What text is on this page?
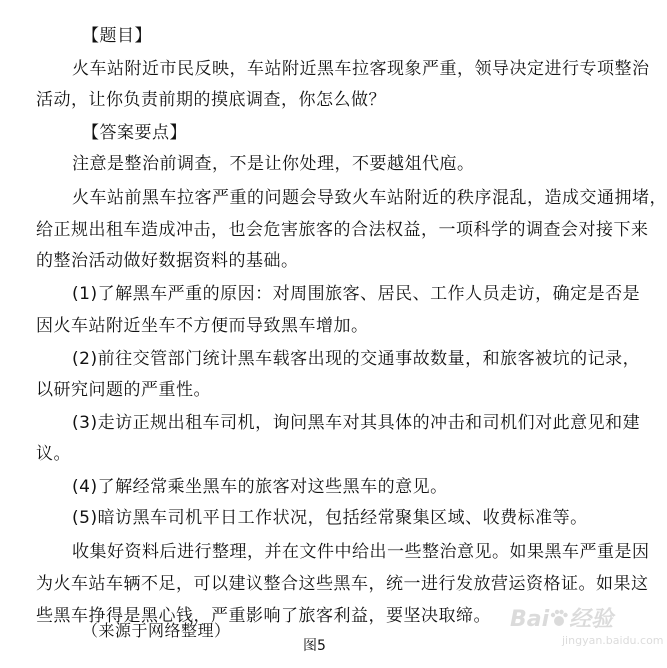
【题目】
火车站附近市民反映，车站附近黑车拉客现象严重，领导决定进行专项整治
活动，让你负责前期的摸底调查，你怎么做？
【答案要点】
注意是整治前调查，不是让你处理，不要越俎代庖。
火车站前黑车拉客严重的问题会导致火车站附近的秩序混乱，造成交通拥堵，
给正规出租车造成冲击，也会危害旅客的合法权益，一项科学的调查会对接下来
的整治活动做好数据资料的基础。
(1)了解黑车严重的原因：对周围旅客、居民、工作人员走访，确定是否是
因火车站附近坐车不方便而导致黑车增加。
(2)前往交管部门统计黑车载客出现的交通事故数量，和旅客被坑的记录，
以研究问题的严重性。
(3)走访正规出租车司机，询问黑车对其具体的冲击和司机们对此意见和建
议。
(4)了解经常乘坐黑车的旅客对这些黑车的意见。
(5)暗访黑车司机平日工作状况，包括经常聚集区域、收费标准等。
收集好资料后进行整理，并在文件中给出一些整治意见。如果黑车严重是因
为火车站车辆不足，可以建议整合这些黑车，统一进行发放营运资格证。如果这
些黑车挣得是黑心钱，严重影响了旅客利益，要坚决取缔。
（来源于网络整理）
图5
Bai 经验
jingyan.baidu.com
